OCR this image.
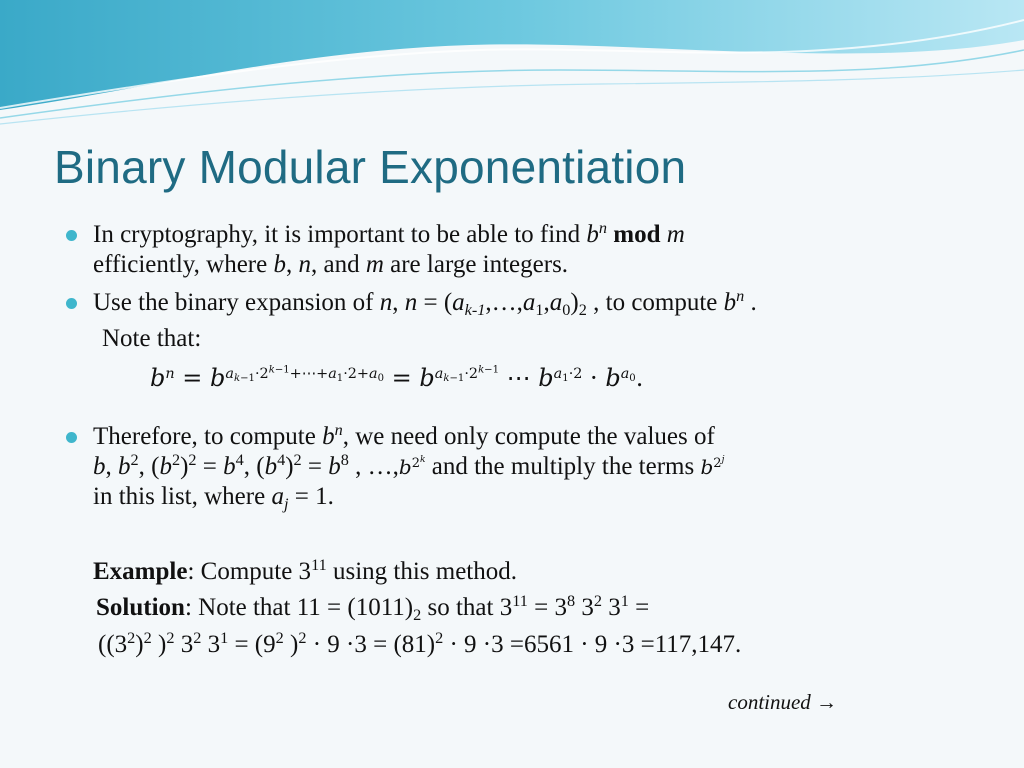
Binary Modular Exponentiation
In cryptography, it is important to be able to find $b^n$ mod m
efficiently, where b, n, and m are large integers.
Use the binary expansion of n, $n = (a_{k-1},\dots,a_1,a_0)_2$ , to compute $b^n$ .
Note that:
$b^n = b^{a_{k-1}\cdot 2^{k-1}+\cdots+a_1\cdot 2+a_0} = b^{a_{k-1}\cdot 2^{k-1}}$ ⋯ $b^{a_1\cdot 2} \cdot b^{a_0}$.
Therefore, to compute $b^n$, we need only compute the values of
b, $b^2$, $(b^2)^2 = b^4$, $(b^4)^2 = b^8$ , $\dots,b^{2^k}$ and the multiply the terms $b^{2^j}$
in this list, where $a_j = 1$.
Example: Compute $3^{11}$ using this method.
Solution: Note that $11 = (1011)_2$ so that $3^{11} = 3^8$ $3^2$ $3^1$ =
($(3^2)^2$ )$^2$ $3^2$ $3^1 = (9^2$ )$^2 \cdot 9 \cdot 3 = (81)^2 \cdot 9 \cdot 3 =6561 \cdot 9 \cdot 3 =117,147$.
continued →
